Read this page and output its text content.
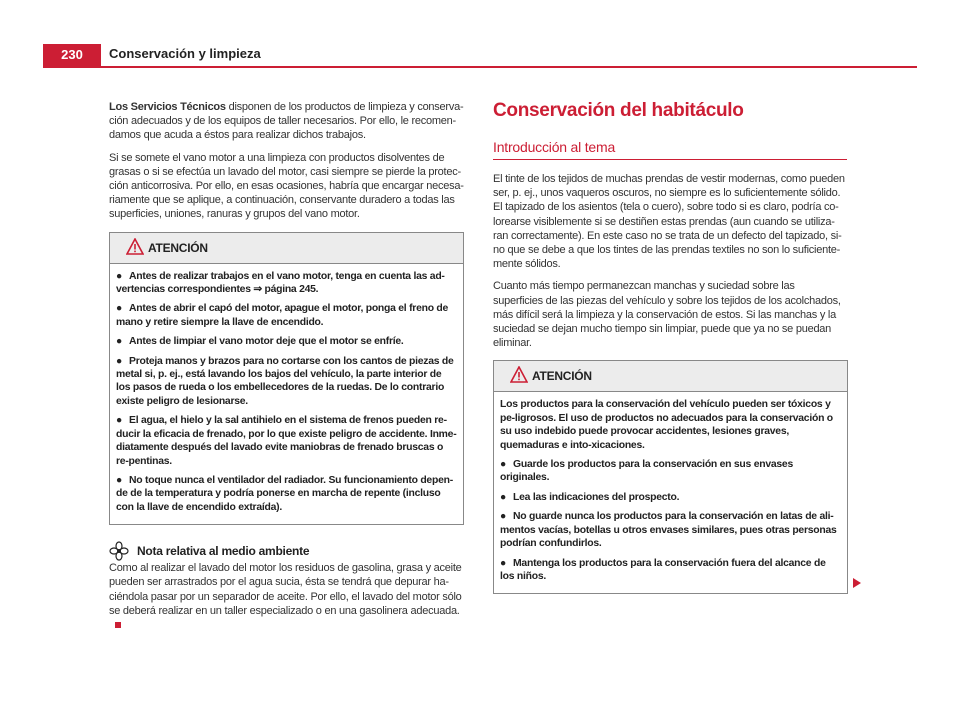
230	Conservación y limpieza

Los Servicios Técnicos disponen de los productos de limpieza y conserva-ción adecuados y de los equipos de taller necesarios. Por ello, le recomen-damos que acuda a éstos para realizar dichos trabajos.

Si se somete el vano motor a una limpieza con productos disolventes de grasas o si se efectúa un lavado del motor, casi siempre se pierde la protec-ción anticorrosiva. Por ello, en esas ocasiones, habría que encargar necesa-riamente que se aplique, a continuación, conservante duradero a todas las superficies, uniones, ranuras y grupos del vano motor.

ATENCIÓN
● Antes de realizar trabajos en el vano motor, tenga en cuenta las ad-vertencias correspondientes ⇒ página 245.
● Antes de abrir el capó del motor, apague el motor, ponga el freno de mano y retire siempre la llave de encendido.
● Antes de limpiar el vano motor deje que el motor se enfríe.
● Proteja manos y brazos para no cortarse con los cantos de piezas de metal si, p. ej., está lavando los bajos del vehículo, la parte interior de los pasos de rueda o los embellecedores de la ruedas. De lo contrario existe peligro de lesionarse.
● El agua, el hielo y la sal antihielo en el sistema de frenos pueden re-ducir la eficacia de frenado, por lo que existe peligro de accidente. Inme-diatamente después del lavado evite maniobras de frenado bruscas o re-pentinas.
● No toque nunca el ventilador del radiador. Su funcionamiento depen-de de la temperatura y podría ponerse en marcha de repente (incluso con la llave de encendido extraída).
Nota relativa al medio ambiente
Como al realizar el lavado del motor los residuos de gasolina, grasa y aceite pueden ser arrastrados por el agua sucia, ésta se tendrá que depurar ha-ciéndola pasar por un separador de aceite. Por ello, el lavado del motor sólo se deberá realizar en un taller especializado o en una gasolinera adecuada.
Conservación del habitáculo
Introducción al tema

El tinte de los tejidos de muchas prendas de vestir modernas, como pueden ser, p. ej., unos vaqueros oscuros, no siempre es lo suficientemente sólido. El tapizado de los asientos (tela o cuero), sobre todo si es claro, podría co-lorearse visiblemente si se destiñen estas prendas (aun cuando se utiliza-ran correctamente). En este caso no se trata de un defecto del tapizado, si-no que se debe a que los tintes de las prendas textiles no son lo suficiente-mente sólidos.

Cuanto más tiempo permanezcan manchas y suciedad sobre las superficies de las piezas del vehículo y sobre los tejidos de los acolchados, más difícil será la limpieza y la conservación de estos. Si las manchas y la suciedad se dejan mucho tiempo sin limpiar, puede que ya no se puedan eliminar.

ATENCIÓN
Los productos para la conservación del vehículo pueden ser tóxicos y pe-ligrosos. El uso de productos no adecuados para la conservación o su uso indebido puede provocar accidentes, lesiones graves, quemaduras e into-xicaciones.
● Guarde los productos para la conservación en sus envases originales.
● Lea las indicaciones del prospecto.
● No guarde nunca los productos para la conservación en latas de ali-mentos vacías, botellas u otros envases similares, pues otras personas podrían confundirlos.
● Mantenga los productos para la conservación fuera del alcance de los niños.
